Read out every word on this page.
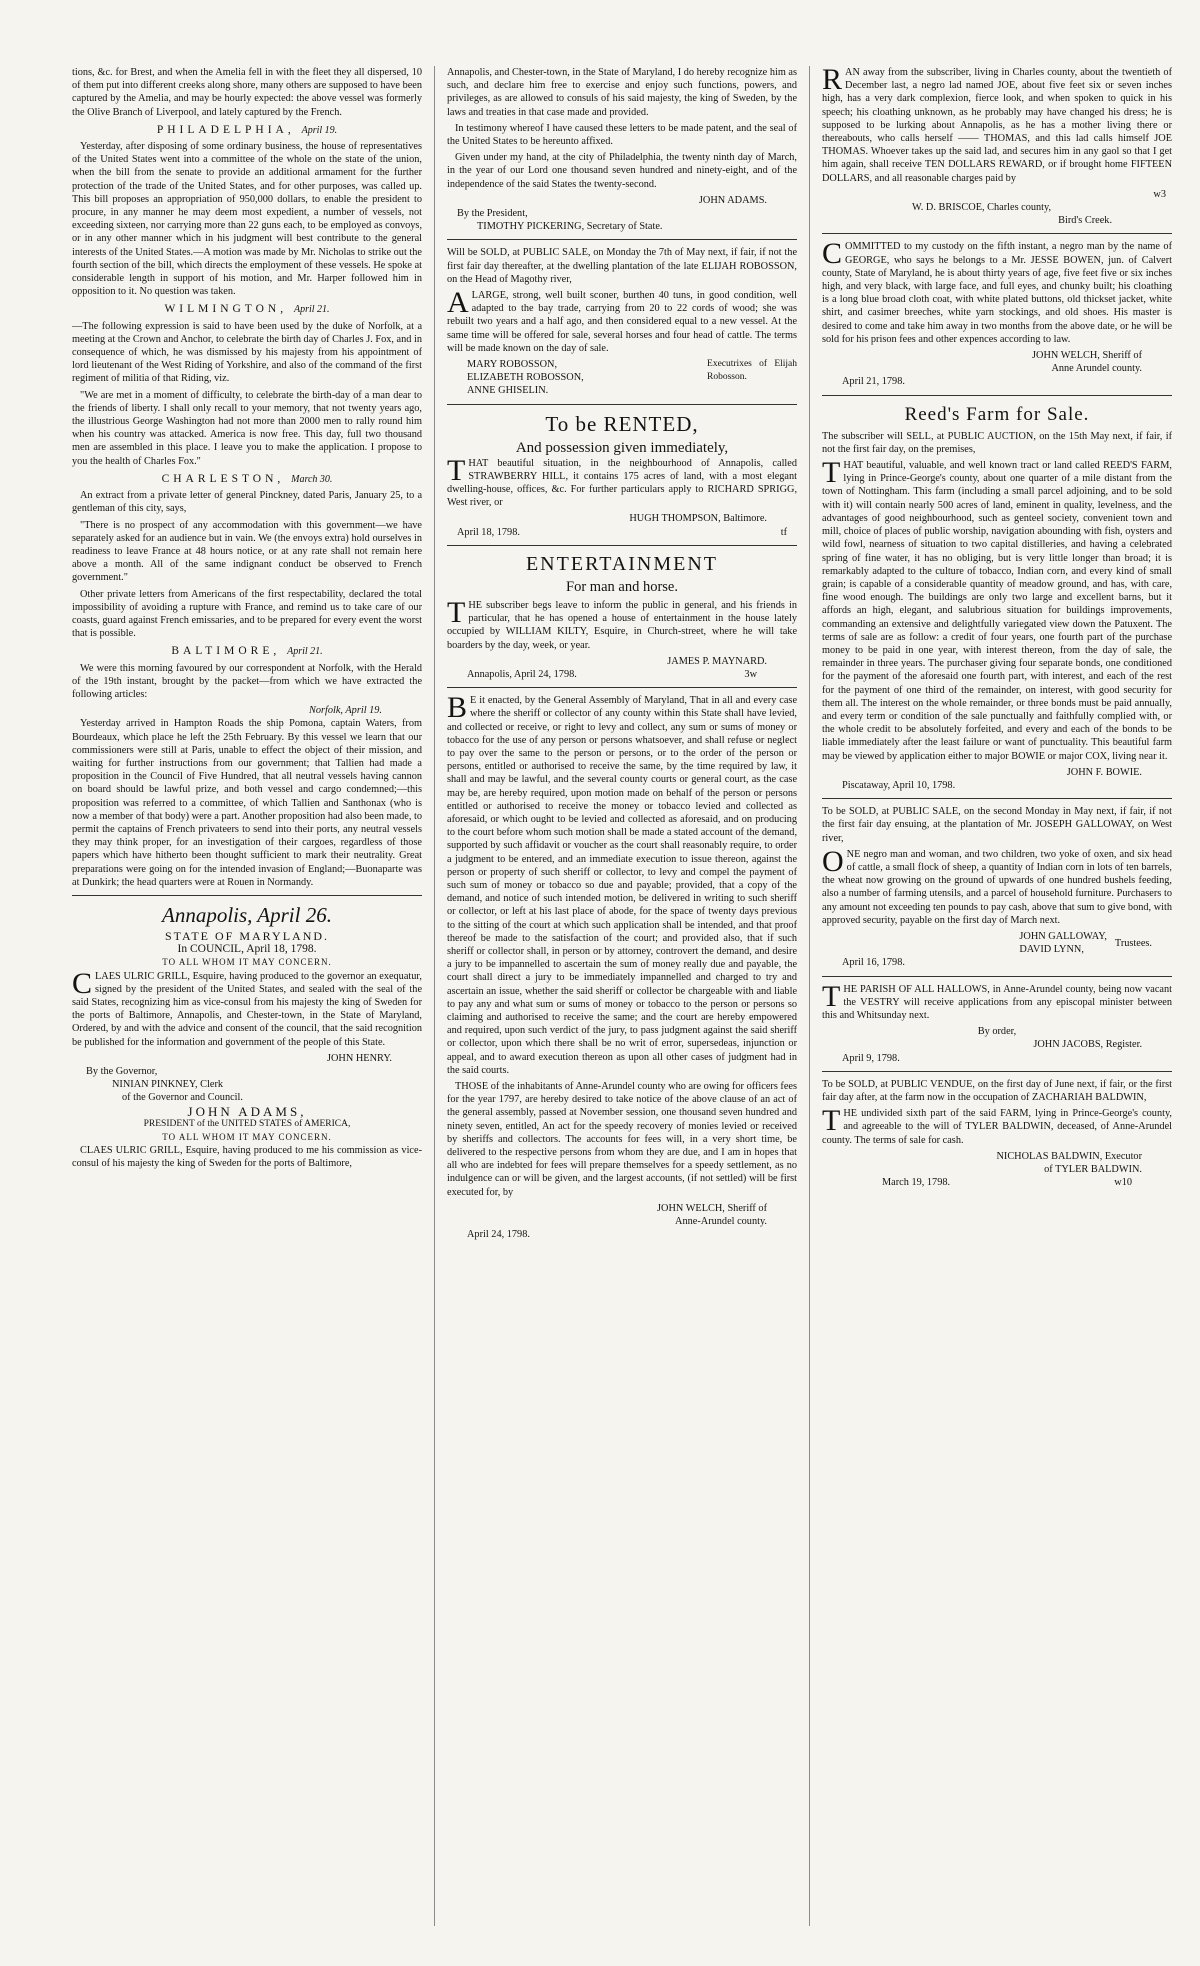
tions, &c. for Brest, and when the Amelia fell in with the fleet they all dispersed, 10 of them put into different creeks along shore, many others are supposed to have been captured by the Amelia, and may be hourly expected: the above vessel was formerly the Olive Branch of Liverpool, and lately captured by the French.

PHILADELPHIA, April 19.

Yesterday, after disposing of some ordinary business, the house of representatives of the United States went into a committee of the whole on the state of the union, when the bill from the senate to provide an additional armament for the further protection of the trade of the United States, and for other purposes, was called up. This bill proposes an appropriation of 950,000 dollars, to enable the president to procure, in any manner he may deem most expedient, a number of vessels, not exceeding sixteen, nor carrying more than 22 guns each, to be employed as convoys, or in any other manner which in his judgment will best contribute to the general interests of the United States.—A motion was made by Mr. Nicholas to strike out the fourth section of the bill, which directs the employment of these vessels. He spoke at considerable length in support of his motion, and Mr. Harper followed him in opposition to it. No question was taken.

WILMINGTON, April 21.

—The following expression is said to have been used by the duke of Norfolk, at a meeting at the Crown and Anchor, to celebrate the birth day of Charles J. Fox, and in consequence of which, he was dismissed by his majesty from his appointment of lord lieutenant of the West Riding of Yorkshire, and also of the command of the first regiment of militia of that Riding, viz.

"We are met in a moment of difficulty, to celebrate the birth-day of a man dear to the friends of liberty. I shall only recall to your memory, that not twenty years ago, the illustrious George Washington had not more than 2000 men to rally round him when his country was attacked. America is now free. This day, full two thousand men are assembled in this place. I leave you to make the application. I propose to you the health of Charles Fox."

CHARLESTON, March 30.

An extract from a private letter of general Pinckney, dated Paris, January 25, to a gentleman of this city, says,

"There is no prospect of any accommodation with this government—we have separately asked for an audience but in vain. We (the envoys extra) hold ourselves in readiness to leave France at 48 hours notice, or at any rate shall not remain here above a month. All of the same indignant conduct be observed to French government."

Other private letters from Americans of the first respectability, declared the total impossibility of avoiding a rupture with France, and remind us to take care of our coasts, guard against French emissaries, and to be prepared for every event the worst that is possible.

BALTIMORE, April 21.

We were this morning favoured by our correspondent at Norfolk, with the Herald of the 19th instant, brought by the packet—from which we have extracted the following articles:

Norfolk, April 19.

Yesterday arrived in Hampton Roads the ship Pomona, captain Waters, from Bourdeaux, which place he left the 25th February. By this vessel we learn that our commissioners were still at Paris, unable to effect the object of their mission, and waiting for further instructions from our government; that Tallien had made a proposition in the Council of Five Hundred, that all neutral vessels having cannon on board should be lawful prize, and both vessel and cargo condemned;—this proposition was referred to a committee, of which Tallien and Santhonax (who is now a member of that body) were a part. Another proposition had also been made, to permit the captains of French privateers to send into their ports, any neutral vessels they may think proper, for an investigation of their cargoes, regardless of those papers which have hitherto been thought sufficient to mark their neutrality. Great preparations were going on for the intended invasion of England;—Buonaparte was at Dunkirk; the head quarters were at Rouen in Normandy.

Annapolis, April 26.
STATE OF MARYLAND.
In COUNCIL, April 18, 1798.
TO ALL WHOM IT MAY CONCERN.

CLAES ULRIC GRILL, Esquire, having produced to the governor an exequatur, signed by the president of the United States, and sealed with the seal of the said States, recognizing him as vice-consul from his majesty the king of Sweden for the ports of Baltimore, Annapolis, and Chester-town, in the State of Maryland, Ordered, by and with the advice and consent of the council, that the said recognition be published for the information and government of the people of this State.

JOHN HENRY.
By the Governor,
NINIAN PINKNEY, Clerk
of the Governor and Council.
JOHN ADAMS,
PRESIDENT of the UNITED STATES of AMERICA,
TO ALL WHOM IT MAY CONCERN.

CLAES ULRIC GRILL, Esquire, having produced to me his commission as vice-consul of his majesty the king of Sweden for the ports of Baltimore,

Annapolis, and Chester-town, in the State of Maryland, I do hereby recognize him as such, and declare him free to exercise and enjoy such functions, powers, and privileges, as are allowed to consuls of his said majesty, the king of Sweden, by the laws and treaties in that case made and provided.

In testimony whereof I have caused these letters to be made patent, and the seal of the United States to be hereunto affixed.

Given under my hand, at the city of Philadelphia, the twenty ninth day of March, in the year of our Lord one thousand seven hundred and ninety-eight, and of the independence of the said States the twenty-second.

JOHN ADAMS.
By the President,
TIMOTHY PICKERING, Secretary of State.

Will be SOLD, at PUBLIC SALE, on Monday the 7th of May next, if fair, if not the first fair day thereafter, at the dwelling plantation of the late ELIJAH ROBOSSON, on the Head of Magothy river,

ALARGE, strong, well built sconer, burthen 40 tuns, in good condition, well adapted to the bay trade, carrying from 20 to 22 cords of wood; she was rebuilt two years and a half ago, and then considered equal to a new vessel. At the same time will be offered for sale, several horses and four head of cattle. The terms will be made known on the day of sale.

MARY ROBOSSON,
ELIZABETH ROBOSSON,
ANNE GHISELIN.
Executrixes of Elijah Robosson.
To be RENTED,
And possession given immediately,

THAT beautiful situation, in the neighbourhood of Annapolis, called STRAWBERRY HILL, it contains 175 acres of land, with a most elegant dwelling-house, offices, &c. For further particulars apply to RICHARD SPRIGG, West river, or

HUGH THOMPSON, Baltimore.
April 18, 1798.	tf
ENTERTAINMENT
For man and horse.

THE subscriber begs leave to inform the public in general, and his friends in particular, that he has opened a house of entertainment in the house lately occupied by WILLIAM KILTY, Esquire, in Church-street, where he will take boarders by the day, week, or year.

JAMES P. MAYNARD.
Annapolis, April 24, 1798.	3w

B E it enacted, by the General Assembly of Maryland, That in all and every case where the sheriff or collector of any county within this State shall have levied, and collected or receive, or right to levy and collect, any sum or sums of money or tobacco for the use of any person or persons whatsoever, and shall refuse or neglect to pay over the same to the person or persons, or to the order of the person or persons, entitled or authorised to receive the same, by the time required by law, it shall and may be lawful, and the several county courts or general court, as the case may be, are hereby required, upon motion made on behalf of the person or persons entitled or authorised to receive the money or tobacco levied and collected as aforesaid, or which ought to be levied and collected as aforesaid, and on producing to the court before whom such motion shall be made a stated account of the demand, supported by such affidavit or voucher as the court shall reasonably require, to order a judgment to be entered, and an immediate execution to issue thereon, against the person or property of such sheriff or collector, to levy and compel the payment of such sum of money or tobacco so due and payable; provided, that a copy of the demand, and notice of such intended motion, be delivered in writing to such sheriff or collector, or left at his last place of abode, for the space of twenty days previous to the sitting of the court at which such application shall be intended, and that proof thereof be made to the satisfaction of the court; and provided also, that if such sheriff or collector shall, in person or by attorney, controvert the demand, and desire a jury to be impannelled to ascertain the sum of money really due and payable, the court shall direct a jury to be immediately impannelled and charged to try and ascertain an issue, whether the said sheriff or collector be chargeable with and liable to pay any and what sum or sums of money or tobacco to the person or persons so claiming and authorised to receive the same; and the court are hereby empowered and required, upon such verdict of the jury, to pass judgment against the said sheriff or collector, upon which there shall be no writ of error, supersedeas, injunction or appeal, and to award execution thereon as upon all other cases of judgment had in the said courts.

THOSE of the inhabitants of Anne-Arundel county who are owing for officers fees for the year 1797, are hereby desired to take notice of the above clause of an act of the general assembly, passed at November session, one thousand seven hundred and ninety seven, entitled, An act for the speedy recovery of monies levied or received by sheriffs and collectors. The accounts for fees will, in a very short time, be delivered to the respective persons from whom they are due, and I am in hopes that all who are indebted for fees will prepare themselves for a speedy settlement, as no indulgence can or will be given, and the largest accounts, (if not settled) will be first executed for, by

JOHN WELCH, Sheriff of
Anne-Arundel county.
April 24, 1798.

RAN away from the subscriber, living in Charles county, about the twentieth of December last, a negro lad named JOE, about five feet six or seven inches high, has a very dark complexion, fierce look, and when spoken to quick in his speech; his cloathing unknown, as he probably may have changed his dress; he is supposed to be lurking about Annapolis, as he has a mother living there or thereabouts, who calls herself —— THOMAS, and this lad calls himself JOE THOMAS. Whoever takes up the said lad, and secures him in any gaol so that I get him again, shall receive TEN DOLLARS REWARD, or if brought home FIFTEEN DOLLARS, and all reasonable charges paid by

w3
W. D. BRISCOE, Charles county,
Bird's Creek.

COMMITTED to my custody on the fifth instant, a negro man by the name of GEORGE, who says he belongs to a Mr. JESSE BOWEN, jun. of Calvert county, State of Maryland, he is about thirty years of age, five feet five or six inches high, and very black, with large face, and full eyes, and chunky built; his cloathing is a long blue broad cloth coat, with white plated buttons, old thickset jacket, white shirt, and casimer breeches, white yarn stockings, and old shoes. His master is desired to come and take him away in two months from the above date, or he will be sold for his prison fees and other expences according to law.

JOHN WELCH, Sheriff of
Anne Arundel county.
April 21, 1798.
Reed's Farm for Sale.

The subscriber will SELL, at PUBLIC AUCTION, on the 15th May next, if fair, if not the first fair day, on the premises,

THAT beautiful, valuable, and well known tract or land called REED'S FARM, lying in Prince-George's county, about one quarter of a mile distant from the town of Nottingham. This farm (including a small parcel adjoining, and to be sold with it) will contain nearly 500 acres of land, eminent in quality, levelness, and the advantages of good neighbourhood, such as genteel society, convenient town and mill, choice of places of public worship, navigation abounding with fish, oysters and wild fowl, nearness of situation to two capital distilleries, and having a celebrated spring of fine water, it has no obliging, but is very little longer than broad; it is remarkably adapted to the culture of tobacco, Indian corn, and every kind of small grain; is capable of a considerable quantity of meadow ground, and has, with care, fine wood enough. The buildings are only two large and excellent barns, but it affords an high, elegant, and salubrious situation for buildings improvements, commanding an extensive and delightfully variegated view down the Patuxent. The terms of sale are as follow: a credit of four years, one fourth part of the purchase money to be paid in one year, with interest thereon, from the day of sale, the remainder in three years. The purchaser giving four separate bonds, one conditioned for the payment of the aforesaid one fourth part, with interest, and each of the rest for the payment of one third of the remainder, on interest, with good security for them all. The interest on the whole remainder, or three bonds must be paid annually, and every term or condition of the sale punctually and faithfully complied with, or the whole credit to be absolutely forfeited, and every and each of the bonds to be liable immediately after the least failure or want of punctuality. This beautiful farm may be viewed by application either to major BOWIE or major COX, living near it.

JOHN F. BOWIE.
Piscataway, April 10, 1798.

To be SOLD, at PUBLIC SALE, on the second Monday in May next, if fair, if not the first fair day ensuing, at the plantation of Mr. JOSEPH GALLOWAY, on West river,

ONE negro man and woman, and two children, two yoke of oxen, and six head of cattle, a small flock of sheep, a quantity of Indian corn in lots of ten barrels, the wheat now growing on the ground of upwards of one hundred bushels feeding, also a number of farming utensils, and a parcel of household furniture. Purchasers to any amount not exceeding ten pounds to pay cash, above that sum to give bond, with approved security, payable on the first day of March next.

JOHN GALLOWAY,
DAVID LYNN,
Trustees.
April 16, 1798.

THE PARISH OF ALL HALLOWS, in Anne-Arundel county, being now vacant the VESTRY will receive applications from any episcopal minister between this and Whitsunday next.

By order,
JOHN JACOBS, Register.
April 9, 1798.

To be SOLD, at PUBLIC VENDUE, on the first day of June next, if fair, or the first fair day after, at the farm now in the occupation of ZACHARIAH BALDWIN,

THE undivided sixth part of the said FARM, lying in Prince-George's county, and agreeable to the will of TYLER BALDWIN, deceased, of Anne-Arundel county. The terms of sale for cash.

NICHOLAS BALDWIN, Executor
of TYLER BALDWIN.
March 19, 1798.	w10
